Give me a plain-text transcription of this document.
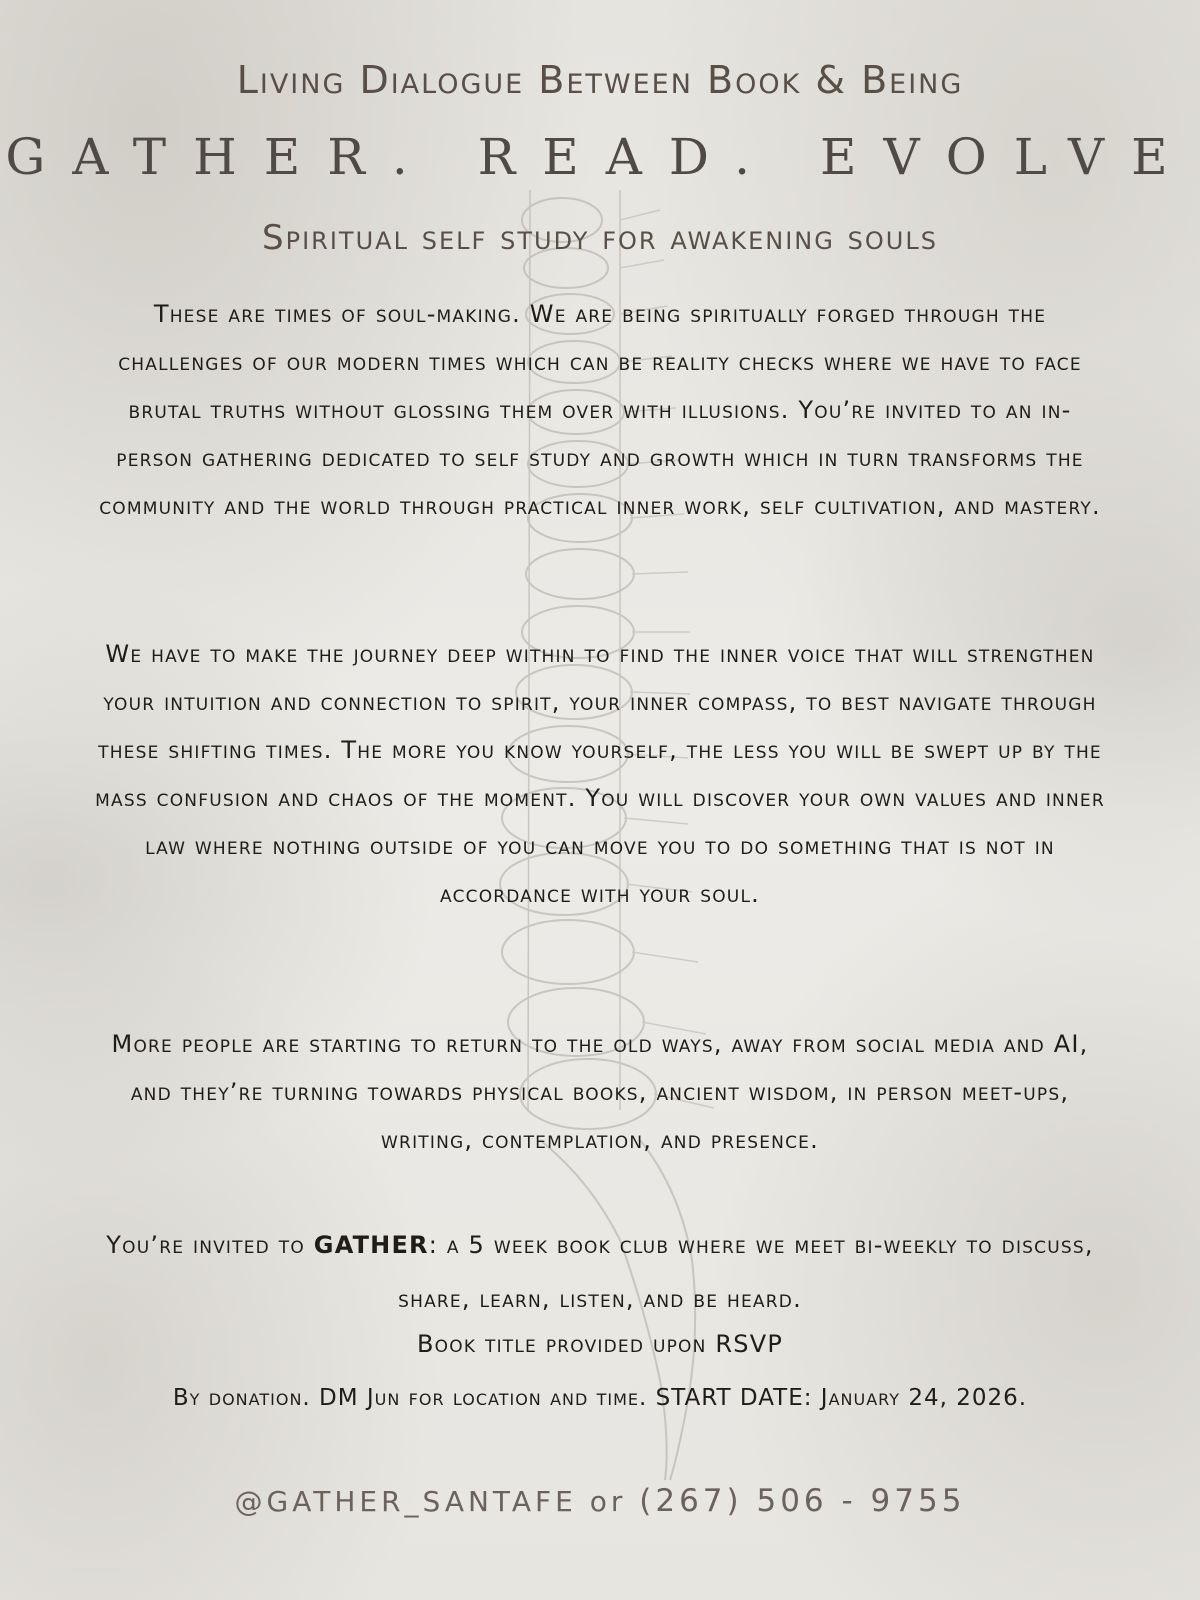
Living Dialogue Between Book & Being
GATHER. READ. EVOLVE
Spiritual self study for awakening souls
These are times of soul-making. We are being spiritually forged through the challenges of our modern times which can be reality checks where we have to face brutal truths without glossing them over with illusions. You’re invited to an in-person gathering dedicated to self study and growth which in turn transforms the community and the world through practical inner work, self cultivation, and mastery.
We have to make the journey deep within to find the inner voice that will strengthen your intuition and connection to spirit, your inner compass, to best navigate through these shifting times. The more you know yourself, the less you will be swept up by the mass confusion and chaos of the moment. You will discover your own values and inner law where nothing outside of you can move you to do something that is not in accordance with your soul.
More people are starting to return to the old ways, away from social media and AI, and they’re turning towards physical books, ancient wisdom, in person meet-ups, writing, contemplation, and presence.
You’re invited to GATHER: a 5 week book club where we meet bi-weekly to discuss, share, learn, listen, and be heard.
Book title provided upon RSVP
By donation. DM Jun for location and time. START DATE: January 24, 2026.
@GATHER_SANTAFE or (267) 506 - 9755
